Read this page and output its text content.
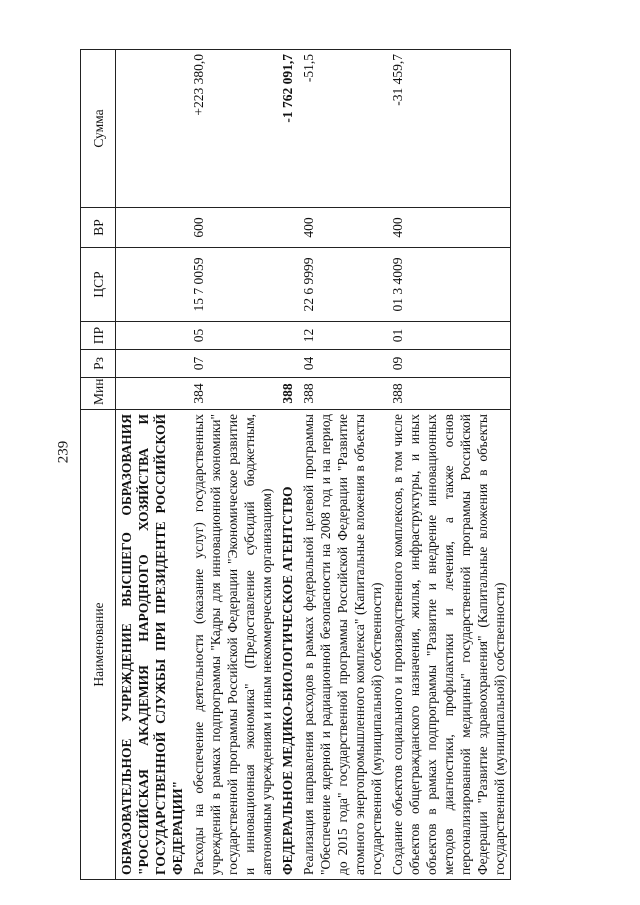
239
Наименование	Мин	Рз	ПР	ЦСР	ВР	Сумма
ОБРАЗОВАТЕЛЬНОЕ УЧРЕЖДЕНИЕ ВЫСШЕГО ОБРАЗОВАНИЯ "РОССИЙСКАЯ АКАДЕМИЯ НАРОДНОГО ХОЗЯЙСТВА И ГОСУДАРСТВЕННОЙ СЛУЖБЫ ПРИ ПРЕЗИДЕНТЕ РОССИЙСКОЙ ФЕДЕРАЦИИ"						
Расходы на обеспечение деятельности (оказание услуг) государственных учреждений в рамках подпрограммы "Кадры для инновационной экономики" государственной программы Российской Федерации "Экономическое развитие и инновационная экономика" (Предоставление субсидий бюджетным, автономным учреждениям и иным некоммерческим организациям)	384	07	05	15 7 0059	600	+223 380,0
ФЕДЕРАЛЬНОЕ МЕДИКО-БИОЛОГИЧЕСКОЕ АГЕНТСТВО	388					-1 762 091,7
Реализация направления расходов в рамках федеральной целевой программы "Обеспечение ядерной и радиационной безопасности на 2008 год и на период до 2015 года" государственной программы Российской Федерации "Развитие атомного энергопромышленного комплекса" (Капитальные вложения в объекты государственной (муниципальной) собственности)	388	04	12	22 6 9999	400	-51,5
Создание объектов социального и производственного комплексов, в том числе объектов общегражданского назначения, жилья, инфраструктуры, и иных объектов в рамках подпрограммы "Развитие и внедрение инновационных методов диагностики, профилактики и лечения, а также основ персонализированной медицины" государственной программы Российской Федерации "Развитие здравоохранения" (Капитальные вложения в объекты государственной (муниципальной) собственности)	388	09	01	01 3 4009	400	-31 459,7
